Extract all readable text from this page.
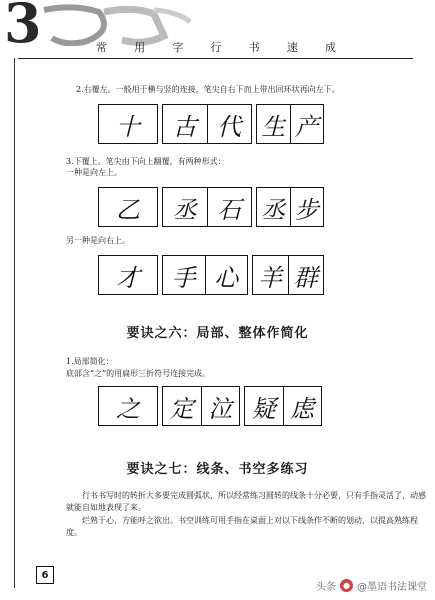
3	常 用 字 行 书 速 成
2.右覆左。一般用于横与竖的连接，笔尖自右下而上带出回环状再向左下。
十	古 代 生 产
3.下覆上。笔尖由下向上翻覆，有两种形式：
一种是向左上。
乙	丞 石 丞 步
另一种是向右上。
才	手 心 羊 群
要诀之六：局部、整体作简化
1.局部简化：
底部含“之”的用扁形三折符号连接完成。
之	定 泣 疑 虑
要诀之七：线条、书空多练习
行书书写时的转折大多要完成圆弧状，所以经常练习圆转的线条十分必要，只有手指灵活了，动感就能自如地表现了来。
烂熟于心，方能呼之欲出。书空训练可用手指在桌面上对以下线条作不断的划动，以提高熟练程度。
6
头条 ● @墨语书法课堂
